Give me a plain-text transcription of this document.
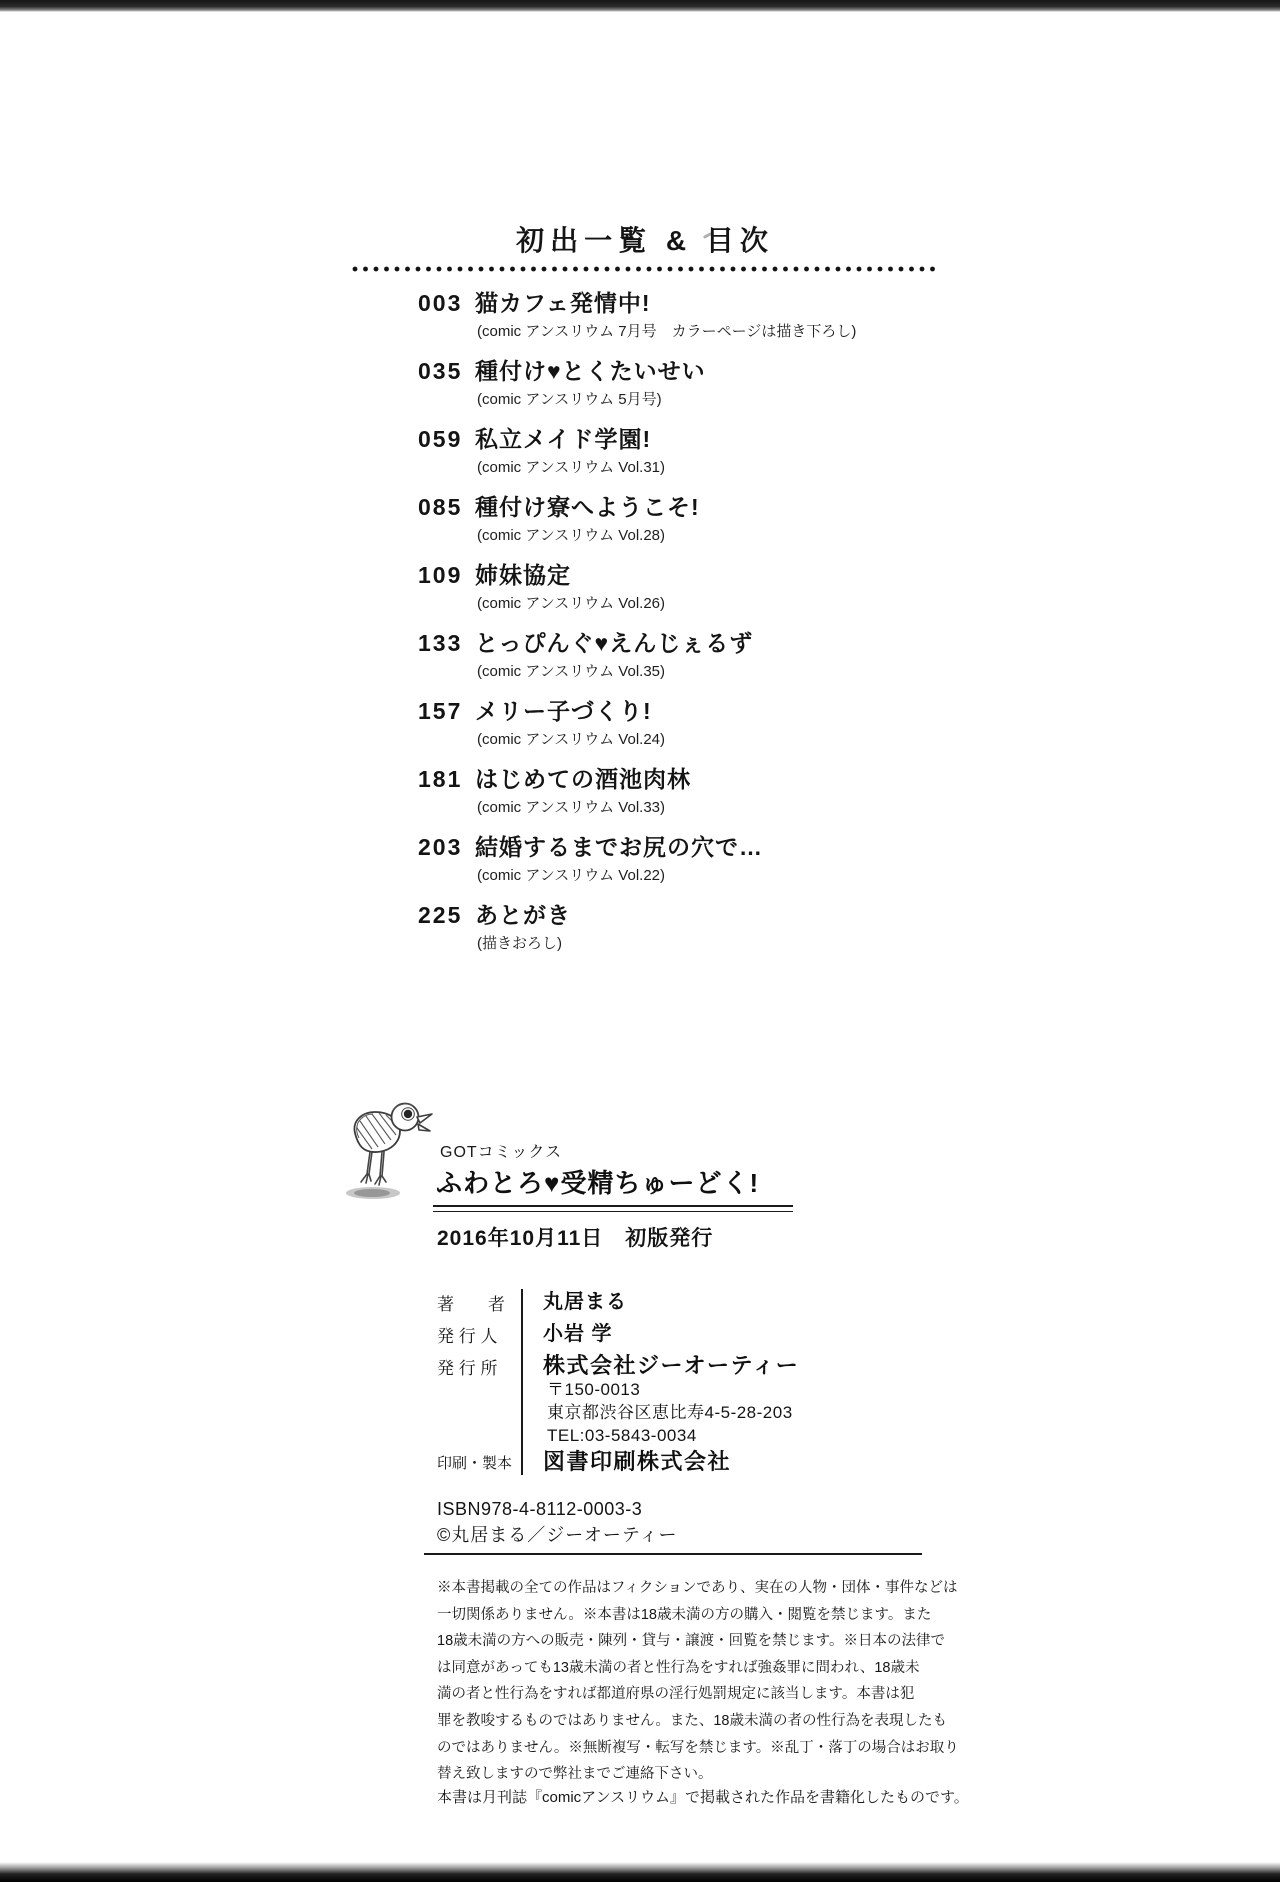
初出一覧 & 目次
003 猫カフェ発情中!
(comic アンスリウム 7月号　カラーページは描き下ろし)
035 種付け♥とくたいせい
(comic アンスリウム 5月号)
059 私立メイド学園!
(comic アンスリウム Vol.31)
085 種付け寮へようこそ!
(comic アンスリウム Vol.28)
109 姉妹協定
(comic アンスリウム Vol.26)
133 とっぴんぐ♥えんじぇるず
(comic アンスリウム Vol.35)
157 メリー子づくり!
(comic アンスリウム Vol.24)
181 はじめての酒池肉林
(comic アンスリウム Vol.33)
203 結婚するまでお尻の穴で…
(comic アンスリウム Vol.22)
225 あとがき
(描きおろし)
GOTコミックス
ふわとろ♥受精ちゅーどく!
2016年10月11日　初版発行
著　　者	丸居まる
発 行 人	小岩 学
発 行 所	株式会社ジーオーティー
〒150-0013
東京都渋谷区恵比寿4-5-28-203
TEL:03-5843-0034
印刷・製本	図書印刷株式会社
ISBN978-4-8112-0003-3
©丸居まる／ジーオーティー
※本書掲載の全ての作品はフィクションであり、実在の人物・団体・事件などは
一切関係ありません。※本書は18歳未満の方の購入・閲覧を禁じます。また
18歳未満の方への販売・陳列・貸与・譲渡・回覧を禁じます。※日本の法律で
は同意があっても13歳未満の者と性行為をすれば強姦罪に問われ、18歳未
満の者と性行為をすれば都道府県の淫行処罰規定に該当します。本書は犯
罪を教唆するものではありません。また、18歳未満の者の性行為を表現したも
のではありません。※無断複写・転写を禁じます。※乱丁・落丁の場合はお取り
替え致しますので弊社までご連絡下さい。
本書は月刊誌『comicアンスリウム』で掲載された作品を書籍化したものです。
